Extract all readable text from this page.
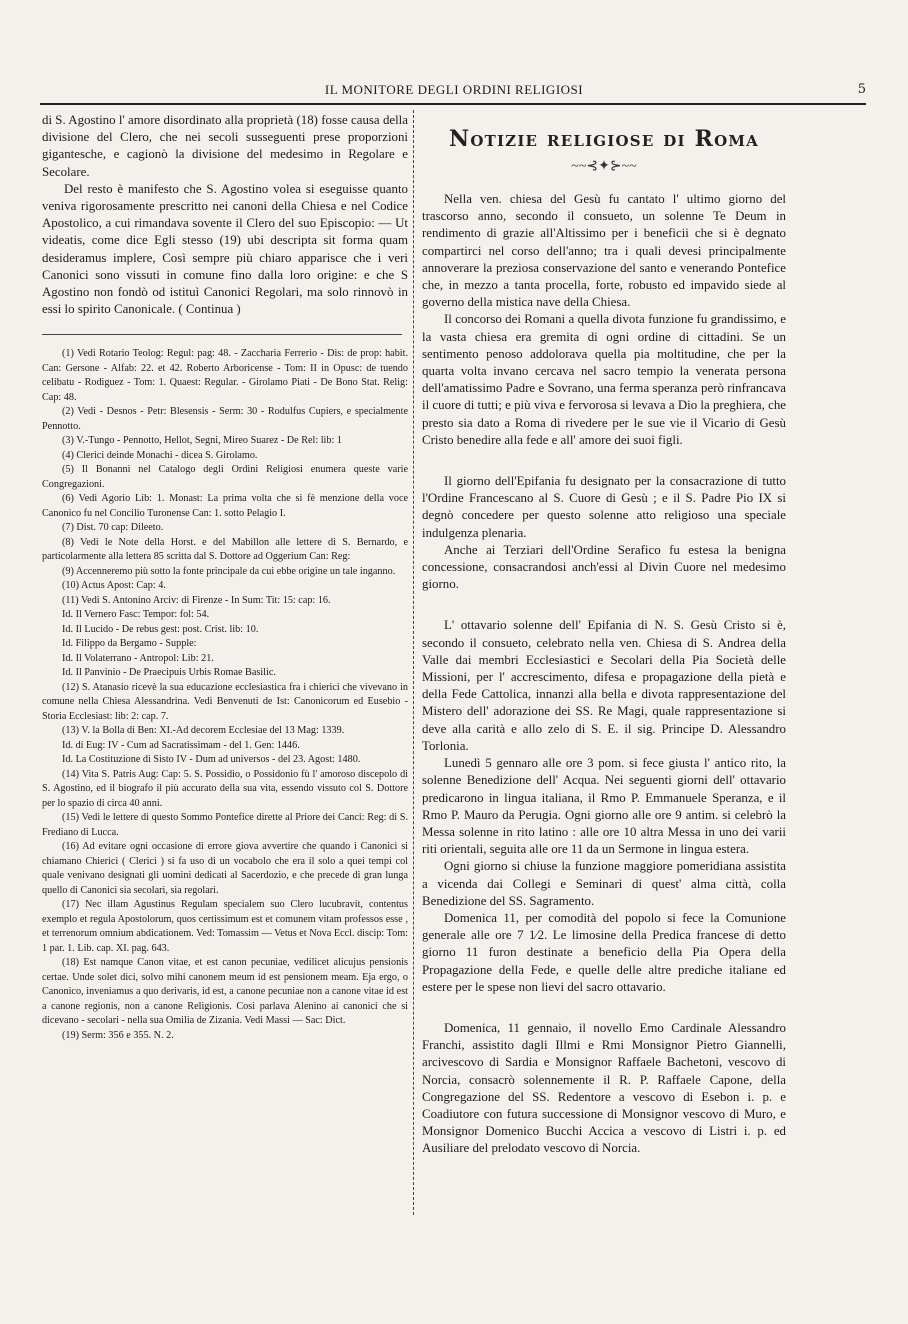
IL MONITORE DEGLI ORDINI RELIGIOSI	5

di S. Agostino l' amore disordinato alla proprietà (18) fosse causa della divisione del Clero, che nei secoli susseguenti prese proporzioni gigantesche, e cagionò la divisione del medesimo in Regolare e Secolare.

Del resto è manifesto che S. Agostino volea si eseguisse quanto veniva rigorosamente prescritto nei canoni della Chiesa e nel Codice Apostolico, a cui rimandava sovente il Clero del suo Episcopio: — Ut videatis, come dice Egli stesso (19) ubi descripta sit forma quam desideramus implere, Così sempre più chiaro apparisce che i veri Canonici sono vissuti in comune fino dalla loro origine: e che S Agostino non fondò od istituì Canonici Regolari, ma solo rinnovò in essi lo spirito Canonicale. ( Continua )

(1) Vedi Rotario Teolog: Regul: pag: 48. - Zaccharia Ferrerio - Dis: de prop: habit. Can: Gersone - Alfab: 22. et 42. Roberto Arboricense - Tom: II in Opusc: de tuendo celibatu - Rodiguez - Tom: 1. Quaest: Regular. - Girolamo Piati - De Bono Stat. Relig: Cap: 48.

(2) Vedi - Desnos - Petr: Blesensis - Serm: 30 - Rodulfus Cupiers, e specialmente Pennotto.

(3) V.-Tungo - Pennotto, Hellot, Segni, Mireo Suarez - De Rel: lib: 1

(4) Clerici deinde Monachi - dicea S. Girolamo.

(5) Il Bonanni nel Catalogo degli Ordini Religiosi enumera queste varie Congregazioni.

(6) Vedi Agorio Lib: 1. Monast: La prima volta che si fè menzione della voce Canonico fu nel Concilio Turonense Can: 1. sotto Pelagio I.

(7) Dist. 70 cap: Dileeto.

(8) Vedi le Note della Horst. e del Mabillon alle lettere di S. Bernardo, e particolarmente alla lettera 85 scritta dal S. Dottore ad Oggerium Can: Reg:

(9) Accenneremo più sotto la fonte principale da cui ebbe origine un tale inganno.

(10) Actus Apost: Cap: 4.

(11) Vedi S. Antonino Arciv: di Firenze - In Sum: Tit: 15: cap: 16.

Id. Il Vernero Fasc: Tempor: fol: 54.

Id. Il Lucido - De rebus gest: post. Crist. lib: 10.

Id. Filippo da Bergamo - Supple:

Id. Il Volaterrano - Antropol: Lib: 21.

Id. Il Panvinio - De Praecipuis Urbis Romae Basilic.

(12) S. Atanasio ricevè la sua educazione ecclesiastica fra i chierici che vivevano in comune nella Chiesa Alessandrina. Vedi Benvenuti de Ist: Canonicorum ed Eusebio - Storia Ecclesiast: lib: 2: cap. 7.

(13) V. la Bolla di Ben: XI.-Ad decorem Ecclesiae del 13 Mag: 1339.

Id. di Eug: IV - Cum ad Sacratissimam - del 1. Gen: 1446.

Id. La Costituzione di Sisto IV - Dum ad universos - del 23. Agost: 1480.

(14) Vita S. Patris Aug: Cap: 5. S. Possidio, o Possidonio fù l' amoroso discepolo di S. Agostino, ed il biografo il più accurato della sua vita, essendo vissuto col S. Dottore per lo spazio di circa 40 anni.

(15) Vedi le lettere di questo Sommo Pontefice dirette al Priore dei Canci: Reg: di S. Frediano di Lucca.

(16) Ad evitare ogni occasione di errore giova avvertire che quando i Canonici si chiamano Chierici ( Clerici ) si fa uso di un vocabolo che era il solo a quei tempi col quale venivano designati gli uomini dedicati al Sacerdozio, e che precede di gran lunga quello di Canonici sia secolari, sia regolari.

(17) Nec illam Agustinus Regulam specialem suo Clero lucubravit, contentus exemplo et regula Apostolorum, quos certissimum est et comunem vitam professos esse , et terrenorum omnium abdicationem. Ved: Tomassim — Vetus et Nova Eccl. discip: Tom: 1 par. 1. Lib. cap. XI. pag. 643.

(18) Est namque Canon vitae, et est canon pecuniae, vedilicet alicujus pensionis certae. Unde solet dici, solvo mihi canonem meum id est pensionem meam. Eja ergo, o Canonico, inveniamus a quo derivaris, id est, a canone pecuniae non a canone vitae id est a canone regionis, non a canone Religionis. Così parlava Alenino ai canonici che si dicevano - secolari - nella sua Omilia de Zizania. Vedi Massi — Sac: Dict.

(19) Serm: 356 e 355. N. 2.

Notizie religiose di Roma
~~⊰✦⊱~~

Nella ven. chiesa del Gesù fu cantato l' ultimo giorno del trascorso anno, secondo il consueto, un solenne Te Deum in rendimento di grazie all'Altissimo per i beneficii che si è degnato compartirci nel corso dell'anno; tra i quali devesi principalmente annoverare la preziosa conservazione del santo e venerando Pontefice che, in mezzo a tanta procella, forte, robusto ed impavido siede al governo della mistica nave della Chiesa.

Il concorso dei Romani a quella divota funzione fu grandissimo, e la vasta chiesa era gremita di ogni ordine di cittadini. Se un sentimento penoso addolorava quella pia moltitudine, che per la quarta volta invano cercava nel sacro tempio la venerata persona dell'amatissimo Padre e Sovrano, una ferma speranza però rinfrancava il cuore di tutti; e più viva e fervorosa si levava a Dio la preghiera, che presto sia dato a Roma di rivedere per le sue vie il Vicario di Gesù Cristo benedire alla fede e all' amore dei suoi figli.

Il giorno dell'Epifania fu designato per la consacrazione di tutto l'Ordine Francescano al S. Cuore di Gesù ; e il S. Padre Pio IX si degnò concedere per questo solenne atto religioso una speciale indulgenza plenaria.

Anche ai Terziari dell'Ordine Serafico fu estesa la benigna concessione, consacrandosi anch'essi al Divin Cuore nel medesimo giorno.

L' ottavario solenne dell' Epifania di N. S. Gesù Cristo si è, secondo il consueto, celebrato nella ven. Chiesa di S. Andrea della Valle dai membri Ecclesiastici e Secolari della Pia Società delle Missioni, per l' accrescimento, difesa e propagazione della pietà e della Fede Cattolica, innanzi alla bella e divota rappresentazione del Mistero dell' adorazione dei SS. Re Magi, quale rappresentazione si deve alla carità e allo zelo di S. E. il sig. Principe D. Alessandro Torlonia.

Lunedì 5 gennaro alle ore 3 pom. si fece giusta l' antico rito, la solenne Benedizione dell' Acqua. Nei seguenti giorni dell' ottavario predicarono in lingua italiana, il Rmo P. Emmanuele Speranza, e il Rmo P. Mauro da Perugia. Ogni giorno alle ore 9 antim. si celebrò la Messa solenne in rito latino : alle ore 10 altra Messa in uno dei varii riti orientali, seguita alle ore 11 da un Sermone in lingua estera.

Ogni giorno si chiuse la funzione maggiore pomeridiana assistita a vicenda dai Collegi e Seminari di quest' alma città, colla Benedizione del SS. Sagramento.

Domenica 11, per comodità del popolo si fece la Comunione generale alle ore 7 1⁄2. Le limosine della Predica francese di detto giorno 11 furon destinate a beneficio della Pia Opera della Propagazione della Fede, e quelle delle altre prediche italiane ed estere per le spese non lievi del sacro ottavario.

Domenica, 11 gennaio, il novello Emo Cardinale Alessandro Franchi, assistito dagli Illmi e Rmi Monsignor Pietro Giannelli, arcivescovo di Sardia e Monsignor Raffaele Bachetoni, vescovo di Norcia, consacrò solennemente il R. P. Raffaele Capone, della Congregazione del SS. Redentore a vescovo di Esebon i. p. e Coadiutore con futura successione di Monsignor vescovo di Muro, e Monsignor Domenico Bucchi Accica a vescovo di Listri i. p. ed Ausiliare del prelodato vescovo di Norcia.
